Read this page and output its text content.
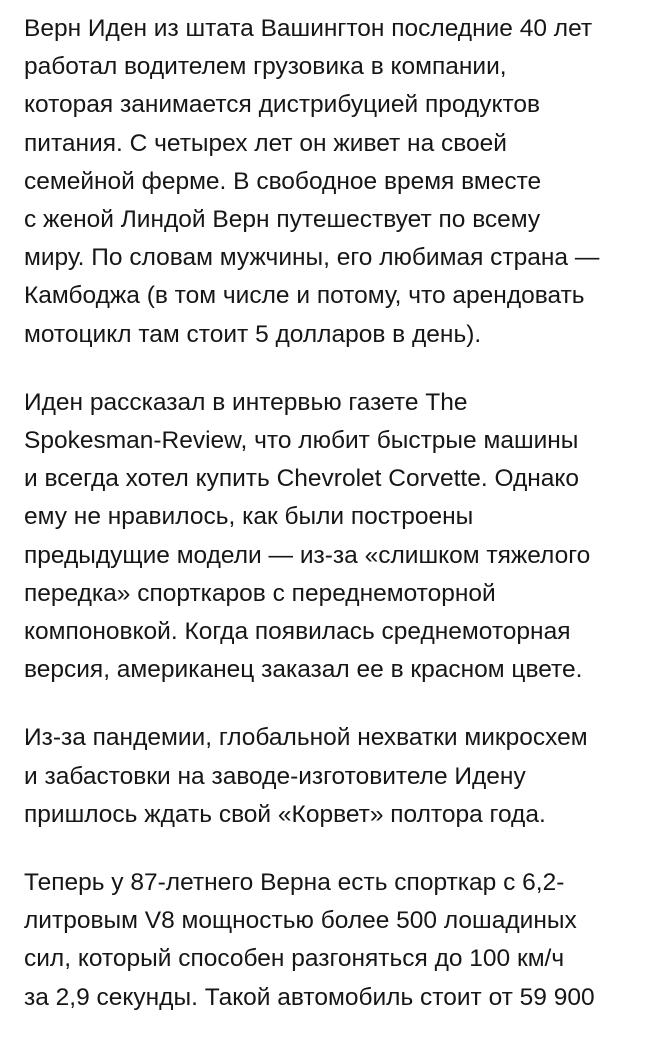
Верн Иден из штата Вашингтон последние 40 лет
работал водителем грузовика в компании,
которая занимается дистрибуцией продуктов
питания. С четырех лет он живет на своей
семейной ферме. В свободное время вместе
с женой Линдой Верн путешествует по всему
миру. По словам мужчины, его любимая страна —
Камбоджа (в том числе и потому, что арендовать
мотоцикл там стоит 5 долларов в день).

Иден рассказал в интервью газете The
Spokesman-Review, что любит быстрые машины
и всегда хотел купить Chevrolet Corvette. Однако
ему не нравилось, как были построены
предыдущие модели — из-за «слишком тяжелого
передка» спорткаров с переднемоторной
компоновкой. Когда появилась среднемоторная
версия, американец заказал ее в красном цвете.

Из-за пандемии, глобальной нехватки микросхем
и забастовки на заводе-изготовителе Идену
пришлось ждать свой «Корвет» полтора года.

Теперь у 87-летнего Верна есть спорткар с 6,2-
литровым V8 мощностью более 500 лошадиных
сил, который способен разгоняться до 100 км/ч
за 2,9 секунды. Такой автомобиль стоит от 59 900
